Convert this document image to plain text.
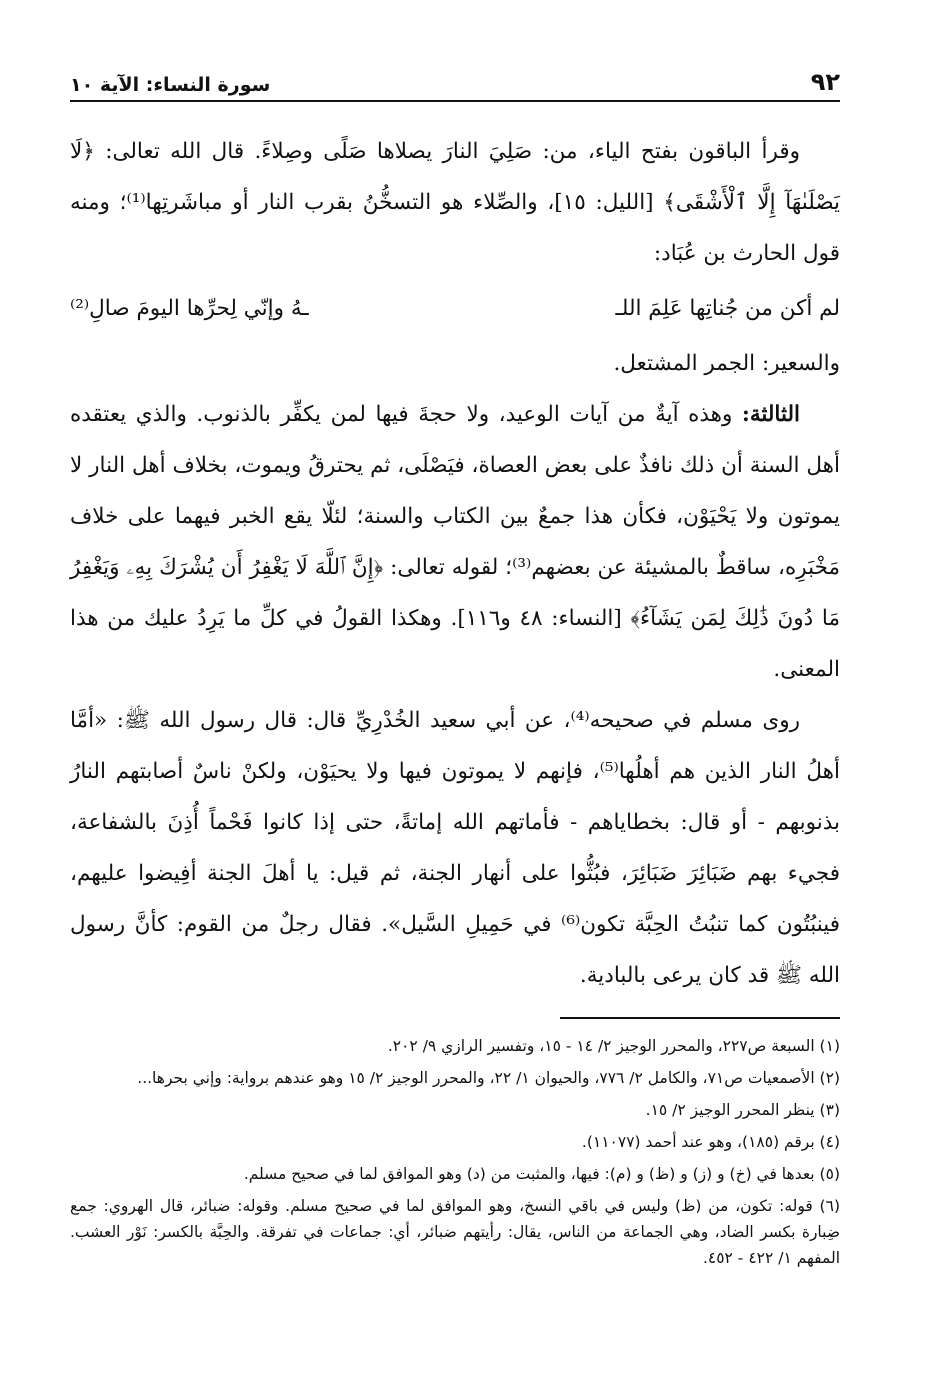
٩٢
سورة النساء: الآية ١٠

وقرأ الباقون بفتح الياء، من: صَلِيَ النارَ يصلاها صَلًى وصِلاءً. قال الله تعالى: ﴿لَا يَصْلَىٰهَآ إِلَّا ٱلْأَشْقَى﴾ [الليل: ١٥]، والصِّلاء هو التسخُّنُ بقرب النار أو مباشَرتِها⁽¹⁾؛ ومنه قول الحارث بن عُبَاد:

لم أكن من جُناتِها عَلِمَ اللـ
ـهُ وإنّي لِحرِّها اليومَ صالِ⁽²⁾

والسعير: الجمر المشتعل.

الثالثة: وهذه آيةٌ من آيات الوعيد، ولا حجةَ فيها لمن يكفِّر بالذنوب. والذي يعتقده أهل السنة أن ذلك نافذٌ على بعض العصاة، فيَصْلَى، ثم يحترقُ ويموت، بخلاف أهل النار لا يموتون ولا يَحْيَوْن، فكأن هذا جمعٌ بين الكتاب والسنة؛ لئلّا يقع الخبر فيهما على خلاف مَخْبَرِه، ساقطٌ بالمشيئة عن بعضهم⁽³⁾؛ لقوله تعالى: ﴿إِنَّ ٱللَّهَ لَا يَغْفِرُ أَن يُشْرَكَ بِهِۦ وَيَغْفِرُ مَا دُونَ ذَٰلِكَ لِمَن يَشَآءُ﴾ [النساء: ٤٨ و١١٦]. وهكذا القولُ في كلِّ ما يَرِدُ عليك من هذا المعنى.

روى مسلم في صحيحه⁽⁴⁾، عن أبي سعيد الخُدْرِيِّ قال: قال رسول الله ﷺ: «أمَّا أهلُ النار الذين هم أهلُها⁽⁵⁾، فإنهم لا يموتون فيها ولا يحيَوْن، ولكنْ ناسٌ أصابتهم النارُ بذنوبهم - أو قال: بخطاياهم - فأماتهم الله إماتةً، حتى إذا كانوا فَحْماً أُذِنَ بالشفاعة، فجيء بهم ضَبَائِرَ ضَبَائِرَ، فبُثُّوا على أنهار الجنة، ثم قيل: يا أهلَ الجنة أفِيضوا عليهم، فينبُتُون كما تنبُتُ الحِبَّة تكون⁽⁶⁾ في حَمِيلِ السَّيل». فقال رجلٌ من القوم: كأنَّ رسول الله ﷺ قد كان يرعى بالبادية.

(١) السبعة ص٢٢٧، والمحرر الوجيز ٢/ ١٤ - ١٥، وتفسير الرازي ٩/ ٢٠٢.

(٢) الأصمعيات ص٧١، والكامل ٢/ ٧٧٦، والحيوان ١/ ٢٢، والمحرر الوجيز ٢/ ١٥ وهو عندهم برواية: وإني بحرها...

(٣) ينظر المحرر الوجيز ٢/ ١٥.

(٤) برقم (١٨٥)، وهو عند أحمد (١١٠٧٧).

(٥) بعدها في (خ) و (ز) و (ظ) و (م): فيها، والمثبت من (د) وهو الموافق لما في صحيح مسلم.

(٦) قوله: تكون، من (ظ) وليس في باقي النسخ، وهو الموافق لما في صحيح مسلم. وقوله: ضبائر، قال الهروي: جمع ضِبارة بكسر الضاد، وهي الجماعة من الناس، يقال: رأيتهم ضبائر، أي: جماعات في تفرقة. والحِبَّة بالكسر: نَوْر العشب. المفهم ١/ ٤٢٢ - ٤٥٢.
